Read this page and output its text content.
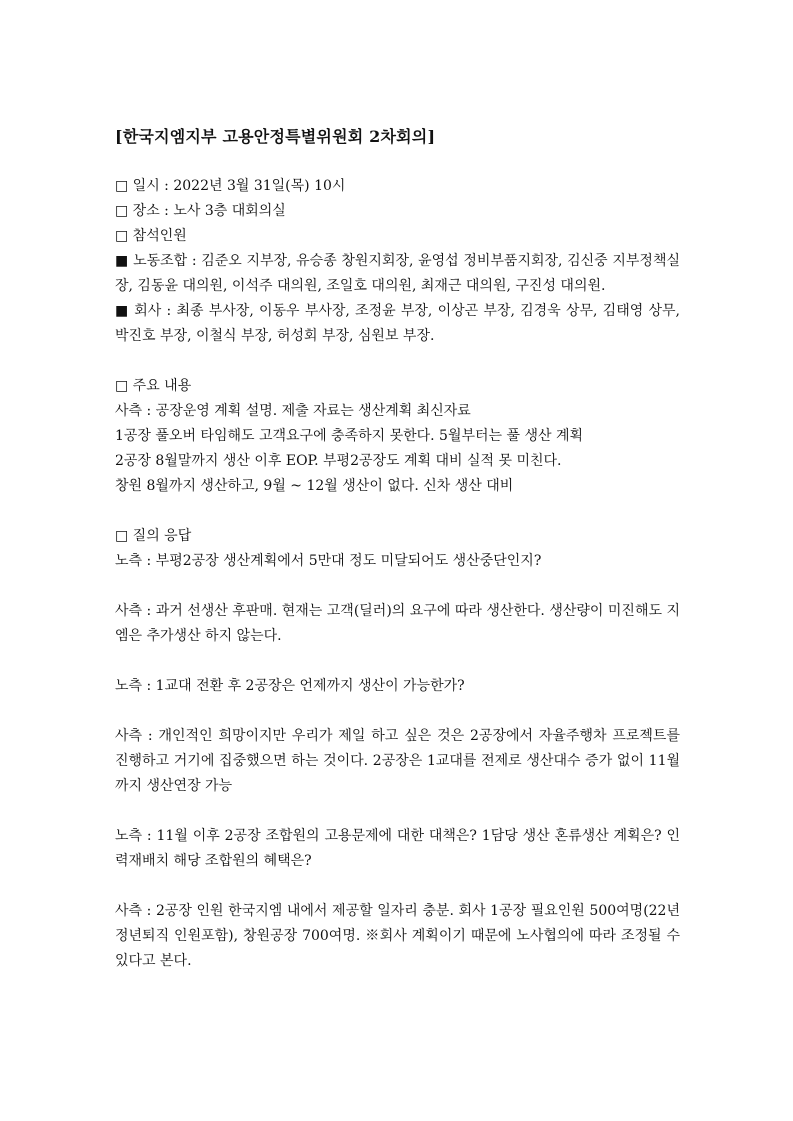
[한국지엠지부 고용안정특별위원회 2차회의]
□ 일시 : 2022년 3월 31일(목) 10시
□ 장소 : 노사 3층 대회의실
□ 참석인원
■ 노동조합 : 김준오 지부장, 유승종 창원지회장, 윤영섭 정비부품지회장, 김신중 지부정책실장, 김동윤 대의원, 이석주 대의원, 조일호 대의원, 최재근 대의원, 구진성 대의원.
■ 회사 : 최종 부사장, 이동우 부사장, 조정윤 부장, 이상곤 부장, 김경욱 상무, 김태영 상무, 박진호 부장, 이철식 부장, 허성회 부장, 심원보 부장.
□ 주요 내용
사측 : 공장운영 계획 설명. 제출 자료는 생산계획 최신자료
1공장 풀오버 타임해도 고객요구에 충족하지 못한다. 5월부터는 풀 생산 계획
2공장 8월말까지 생산 이후 EOP. 부평2공장도 계획 대비 실적 못 미친다.
창원 8월까지 생산하고, 9월 ~ 12월 생산이 없다. 신차 생산 대비
□ 질의 응답
노측 : 부평2공장 생산계획에서 5만대 정도 미달되어도 생산중단인지?
사측 : 과거 선생산 후판매. 현재는 고객(딜러)의 요구에 따라 생산한다. 생산량이 미진해도 지엠은 추가생산 하지 않는다.
노측 : 1교대 전환 후 2공장은 언제까지 생산이 가능한가?
사측 : 개인적인 희망이지만 우리가 제일 하고 싶은 것은 2공장에서 자율주행차 프로젝트를 진행하고 거기에 집중했으면 하는 것이다. 2공장은 1교대를 전제로 생산대수 증가 없이 11월까지 생산연장 가능
노측 : 11월 이후 2공장 조합원의 고용문제에 대한 대책은? 1담당 생산 혼류생산 계획은? 인력재배치 해당 조합원의 혜택은?
사측 : 2공장 인원 한국지엠 내에서 제공할 일자리 충분. 회사 1공장 필요인원 500여명(22년 정년퇴직 인원포함), 창원공장 700여명. ※회사 계획이기 때문에 노사협의에 따라 조정될 수 있다고 본다.
